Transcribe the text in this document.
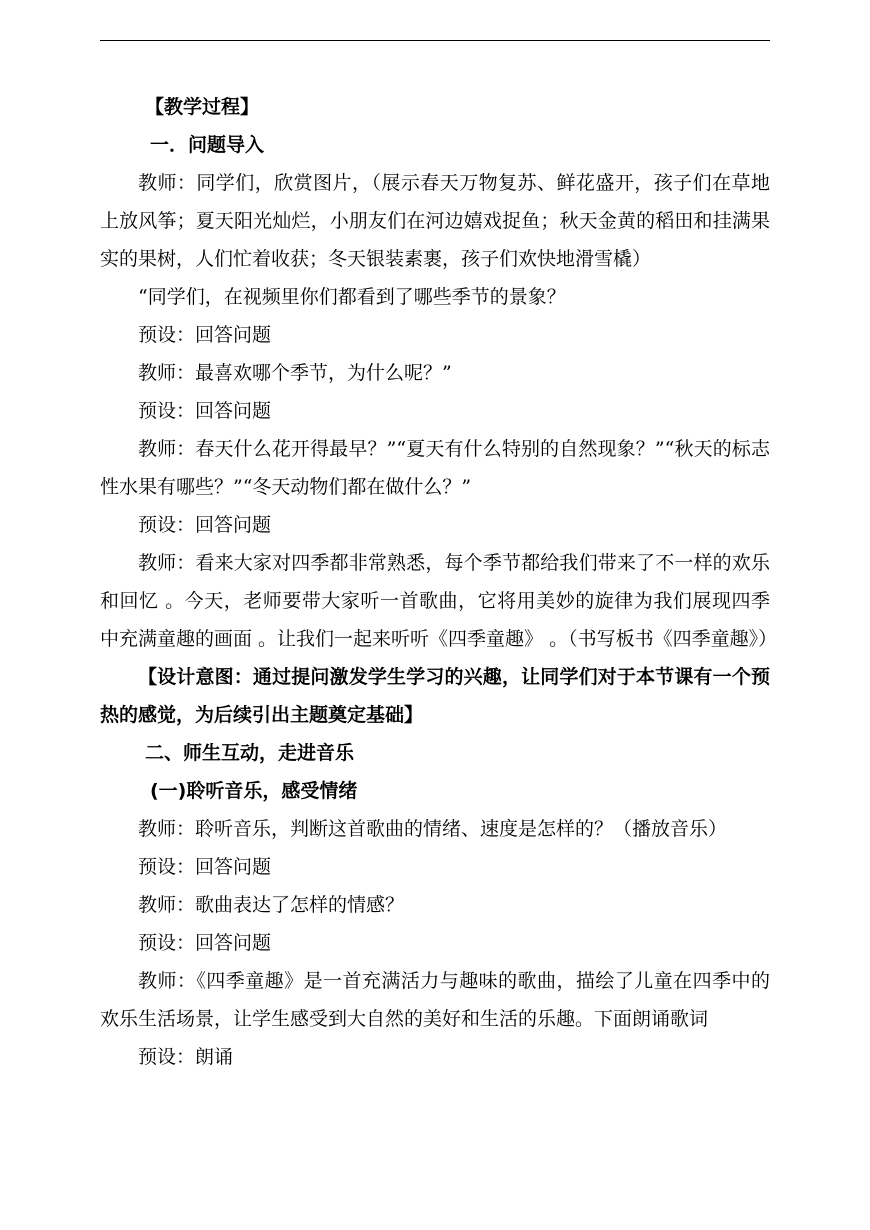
【教学过程】
一．问题导入
教师：同学们，欣赏图片，（展示春天万物复苏、鲜花盛开，孩子们在草地上放风筝；夏天阳光灿烂，小朋友们在河边嬉戏捉鱼；秋天金黄的稻田和挂满果实的果树，人们忙着收获；冬天银装素裹，孩子们欢快地滑雪橇）
“同学们，在视频里你们都看到了哪些季节的景象？
预设：回答问题
教师：最喜欢哪个季节，为什么呢？”
预设：回答问题
教师：春天什么花开得最早？”“夏天有什么特别的自然现象？”“秋天的标志性水果有哪些？”“冬天动物们都在做什么？”
预设：回答问题
教师：看来大家对四季都非常熟悉，每个季节都给我们带来了不一样的欢乐和回忆 。今天，老师要带大家听一首歌曲，它将用美妙的旋律为我们展现四季中充满童趣的画面 。让我们一起来听听《四季童趣》 。（书写板书《四季童趣》）
【设计意图：通过提问激发学生学习的兴趣，让同学们对于本节课有一个预热的感觉，为后续引出主题奠定基础】
二、师生互动，走进音乐
(一)聆听音乐，感受情绪
教师：聆听音乐，判断这首歌曲的情绪、速度是怎样的？（播放音乐）
预设：回答问题
教师：歌曲表达了怎样的情感？
预设：回答问题
教师：《四季童趣》是一首充满活力与趣味的歌曲，描绘了儿童在四季中的欢乐生活场景，让学生感受到大自然的美好和生活的乐趣。下面朗诵歌词
预设：朗诵
